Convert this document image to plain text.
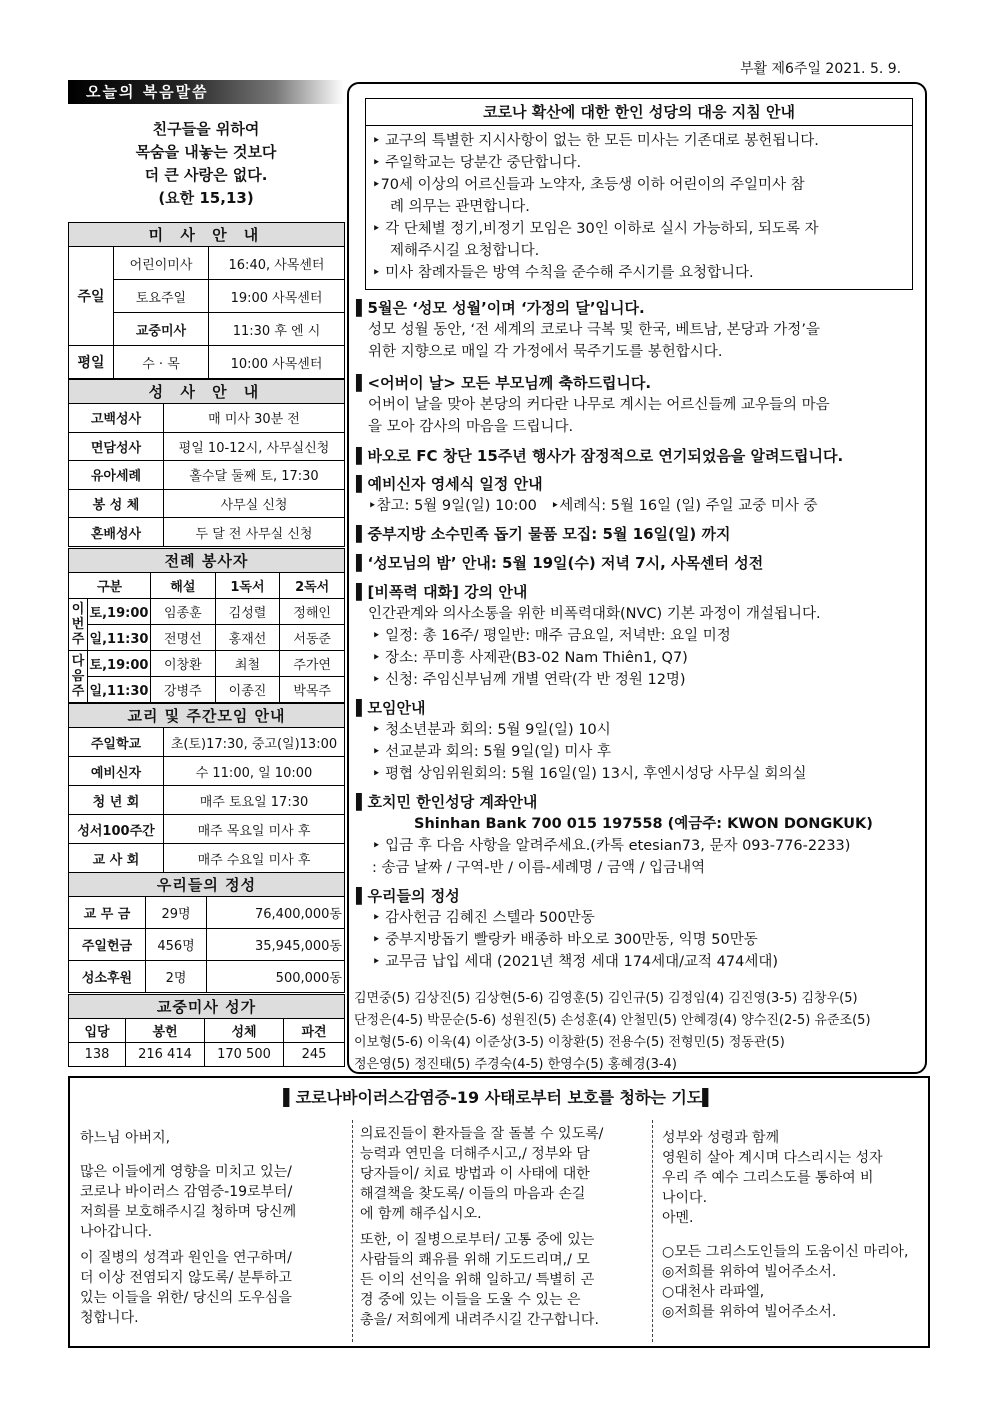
부활 제6주일 2021. 5. 9.
오늘의 복음말씀
친구들을 위하여
목숨을 내놓는 것보다
더 큰 사랑은 없다.
(요한 15,13)
미 사 안 내		
주일	어린이미사	16:40, 사목센터
	토요주일	19:00 사목센터
	교중미사	11:30 후 엔 시
평일	수 · 목	10:00 사목센터
성 사 안 내	
고백성사	매 미사 30분 전
면담성사	평일 10-12시, 사무실신청
유아세례	홀수달 둘째 토, 17:30
봉 성 체	사무실 신청
혼배성사	두 달 전 사무실 신청
전례 봉사자				
구분		해설	1독서	2독서
이번주	토,19:00	임종훈	김성렬	정해인
	일,11:30	전명선	홍재선	서동준
다음주	토,19:00	이창환	최철	주가연
	일,11:30	강병주	이종진	박목주
교리 및 주간모임 안내	
주일학교	초(토)17:30, 중고(일)13:00
예비신자	수 11:00, 일 10:00
청 년 회	매주 토요일 17:30
성서100주간	매주 목요일 미사 후
교 사 회	매주 수요일 미사 후
우리들의 정성		
교 무 금	29명	76,400,000동
주일헌금	456명	35,945,000동
성소후원	2명	500,000동
교중미사 성가			
입당	봉헌	성체	파견
138	216 414	170 500	245
코로나 확산에 대한 한인 성당의 대응 지침 안내
‣ 교구의 특별한 지시사항이 없는 한 모든 미사는 기존대로 봉헌됩니다.
‣ 주일학교는 당분간 중단합니다.
‣70세 이상의 어르신들과 노약자, 초등생 이하 어린이의 주일미사 참
례 의무는 관면합니다.
‣ 각 단체별 정기,비정기 모임은 30인 이하로 실시 가능하되, 되도록 자
제해주시길 요청합니다.
‣ 미사 참례자들은 방역 수칙을 준수해 주시기를 요청합니다.
▌5월은 ‘성모 성월’이며 ‘가정의 달’입니다.
성모 성월 동안, ‘전 세계의 코로나 극복 및 한국, 베트남, 본당과 가정’을
위한 지향으로 매일 각 가정에서 묵주기도를 봉헌합시다.
▌<어버이 날> 모든 부모님께 축하드립니다.
어버이 날을 맞아 본당의 커다란 나무로 계시는 어르신들께 교우들의 마음
을 모아 감사의 마음을 드립니다.
▌바오로 FC 창단 15주년 행사가 잠정적으로 연기되었음을 알려드립니다.
▌예비신자 영세식 일정 안내
‣참고: 5월 9일(일) 10:00   ‣세례식: 5월 16일 (일) 주일 교중 미사 중
▌중부지방 소수민족 돕기 물품 모집: 5월 16일(일) 까지
▌‘성모님의 밤’ 안내: 5월 19일(수) 저녁 7시, 사목센터 성전
▌[비폭력 대화] 강의 안내
인간관계와 의사소통을 위한 비폭력대화(NVC) 기본 과정이 개설됩니다.
‣ 일정: 총 16주/ 평일반: 매주 금요일, 저녁반: 요일 미정
‣ 장소: 푸미흥 사제관(B3-02 Nam Thiên1, Q7)
‣ 신청: 주임신부님께 개별 연락(각 반 정원 12명)
▌모임안내
‣ 청소년분과 회의: 5월 9일(일) 10시
‣ 선교분과 회의: 5월 9일(일) 미사 후
‣ 평협 상임위원회의: 5월 16일(일) 13시, 후엔시성당 사무실 회의실
▌호치민 한인성당 계좌안내
Shinhan Bank 700 015 197558 (예금주: KWON DONGKUK)
‣ 입금 후 다음 사항을 알려주세요.(카톡 etesian73, 문자 093-776-2233)
: 송금 날짜 / 구역-반 / 이름-세례명 / 금액 / 입금내역
▌우리들의 정성
‣ 감사헌금 김혜진 스텔라 500만동
‣ 중부지방돕기 빨랑카 배종하 바오로 300만동, 익명 50만동
‣ 교무금 납입 세대 (2021년 책정 세대 174세대/교적 474세대)
김면중(5) 김상진(5) 김상현(5-6) 김영훈(5) 김인규(5) 김정임(4) 김진영(3-5) 김창우(5)
단정은(4-5) 박문순(5-6) 성원진(5) 손성훈(4) 안철민(5) 안혜경(4) 양수진(2-5) 유준조(5)
이보형(5-6) 이욱(4) 이준상(3-5) 이창환(5) 전용수(5) 전형민(5) 정동관(5)
정은영(5) 정진태(5) 주경숙(4-5) 한영수(5) 홍혜경(3-4)
▌코로나바이러스감염증-19 사태로부터 보호를 청하는 기도▌
하느님 아버지,
많은 이들에게 영향을 미치고 있는/
코로나 바이러스 감염증-19로부터/
저희를 보호해주시길 청하며 당신께
나아갑니다.
이 질병의 성격과 원인을 연구하며/
더 이상 전염되지 않도록/ 분투하고
있는 이들을 위한/ 당신의 도우심을
청합니다.
의료진들이 환자들을 잘 돌볼 수 있도록/
능력과 연민을 더해주시고,/ 정부와 담
당자들이/ 치료 방법과 이 사태에 대한
해결책을 찾도록/ 이들의 마음과 손길
에 함께 해주십시오.
또한, 이 질병으로부터/ 고통 중에 있는
사람들의 쾌유를 위해 기도드리며,/ 모
든 이의 선익을 위해 일하고/ 특별히 곤
경 중에 있는 이들을 도울 수 있는 은
총을/ 저희에게 내려주시길 간구합니다.
성부와 성령과 함께
영원히 살아 계시며 다스리시는 성자
우리 주 예수 그리스도를 통하여 비
나이다.
아멘.
○모든 그리스도인들의 도움이신 마리아,
◎저희를 위하여 빌어주소서.
○대천사 라파엘,
◎저희를 위하여 빌어주소서.
